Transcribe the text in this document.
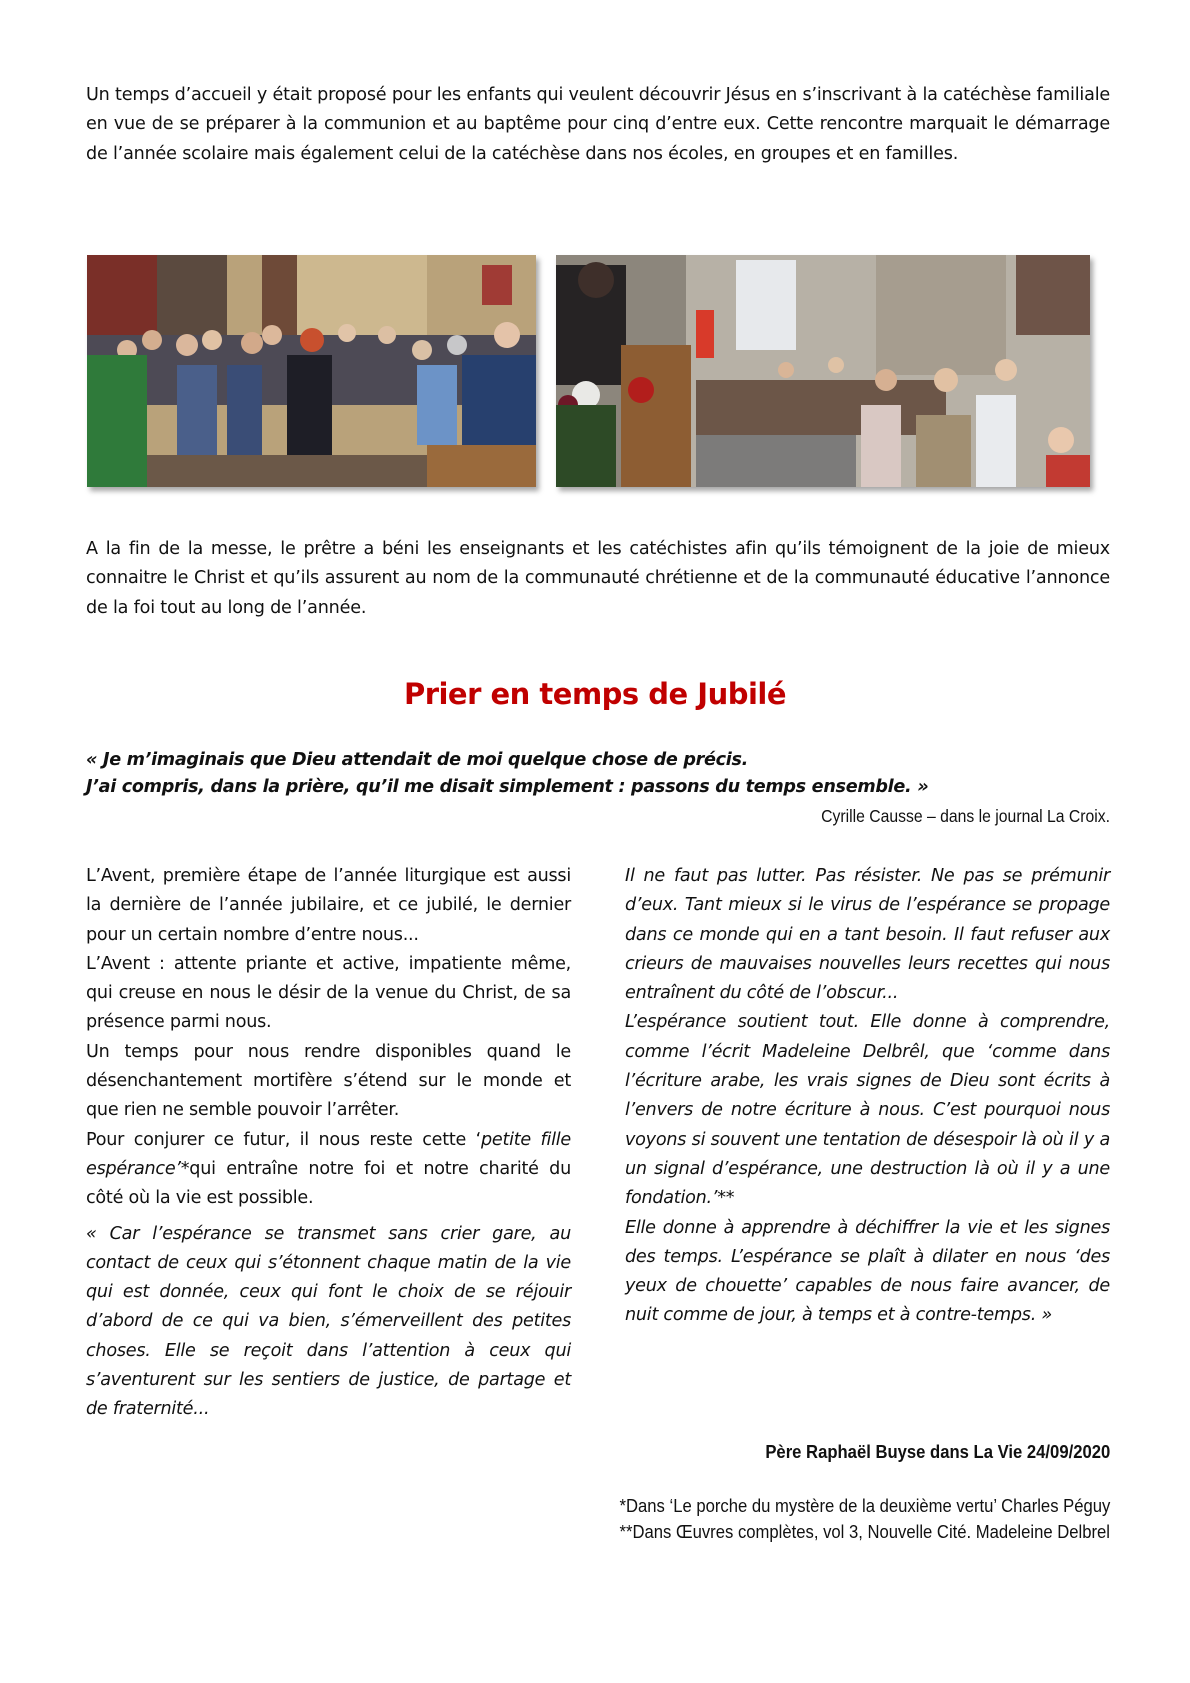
Un temps d’accueil y était proposé pour les enfants qui veulent découvrir Jésus en s’inscrivant à la catéchèse familiale en vue de se préparer à la communion et au baptême pour cinq d’entre eux. Cette rencontre marquait le démarrage de l’année scolaire mais également celui de la catéchèse dans nos écoles, en groupes et en familles.

A la fin de la messe, le prêtre a béni les enseignants et les catéchistes afin qu’ils témoignent de la joie de mieux connaitre le Christ et qu’ils assurent au nom de la communauté chrétienne et de la communauté éducative l’annonce de la foi tout au long de l’année.

Prier en temps de Jubilé

« Je m’imaginais que Dieu attendait de moi quelque chose de précis.
J’ai compris, dans la prière, qu’il me disait simplement : passons du temps ensemble. »

Cyrille Causse – dans le journal La Croix.

L’Avent, première étape de l’année liturgique est aussi la dernière de l’année jubilaire, et ce jubilé, le dernier pour un certain nombre d’entre nous...

L’Avent : attente priante et active, impatiente même, qui creuse en nous le désir de la venue du Christ, de sa présence parmi nous.

Un temps pour nous rendre disponibles quand le désenchantement mortifère s’étend sur le monde et que rien ne semble pouvoir l’arrêter.

Pour conjurer ce futur, il nous reste cette ‘petite fille espérance’*qui entraîne notre foi et notre charité du côté où la vie est possible.

« Car l’espérance se transmet sans crier gare, au contact de ceux qui s’étonnent chaque matin de la vie qui est donnée, ceux qui font le choix de se réjouir d’abord de ce qui va bien, s’émerveillent des petites choses. Elle se reçoit dans l’attention à ceux qui s’aventurent sur les sentiers de justice, de partage et de fraternité...

Il ne faut pas lutter. Pas résister. Ne pas se prémunir d’eux. Tant mieux si le virus de l’espérance se propage dans ce monde qui en a tant besoin. Il faut refuser aux crieurs de mauvaises nouvelles leurs recettes qui nous entraînent du côté de l’obscur...

L’espérance soutient tout. Elle donne à comprendre, comme l’écrit Madeleine Delbrêl, que ‘comme dans l’écriture arabe, les vrais signes de Dieu sont écrits à l’envers de notre écriture à nous. C’est pourquoi nous voyons si souvent une tentation de désespoir là où il y a un signal d’espérance, une destruction là où il y a une fondation.’**

Elle donne à apprendre à déchiffrer la vie et les signes des temps. L’espérance se plaît à dilater en nous ‘des yeux de chouette’ capables de nous faire avancer, de nuit comme de jour, à temps et à contre-temps. »

Père Raphaël Buyse dans La Vie 24/09/2020

*Dans ‘Le porche du mystère de la deuxième vertu’ Charles Péguy

**Dans Œuvres complètes, vol 3, Nouvelle Cité. Madeleine Delbrel
